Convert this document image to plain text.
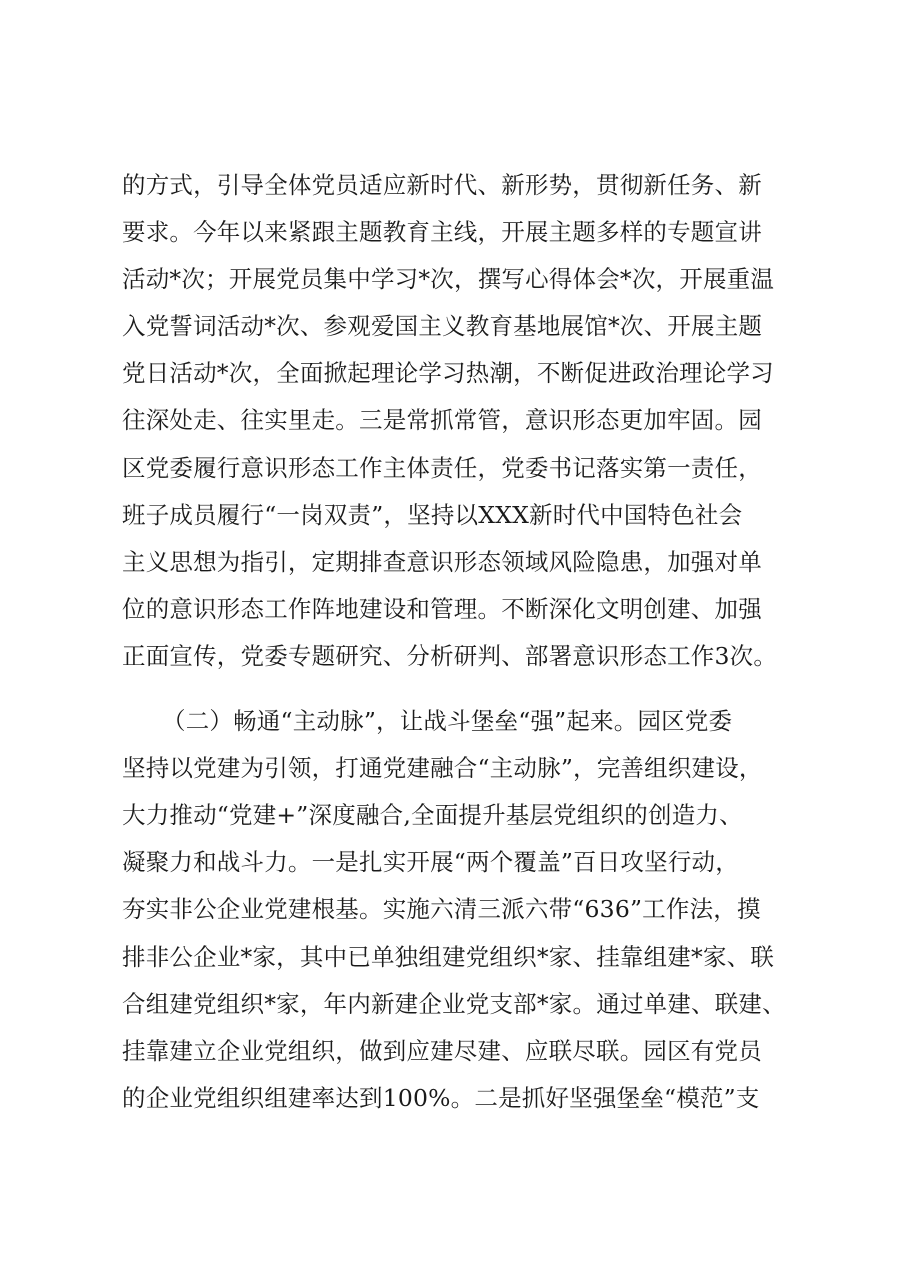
的方式，引导全体党员适应新时代、新形势，贯彻新任务、新
要求。今年以来紧跟主题教育主线，开展主题多样的专题宣讲
活动*次；开展党员集中学习*次，撰写心得体会*次，开展重温
入党誓词活动*次、参观爱国主义教育基地展馆*次、开展主题
党日活动*次，全面掀起理论学习热潮，不断促进政治理论学习
往深处走、往实里走。三是常抓常管，意识形态更加牢固。园
区党委履行意识形态工作主体责任，党委书记落实第一责任，
班子成员履行“一岗双责”，坚持以XXX新时代中国特色社会
主义思想为指引，定期排查意识形态领域风险隐患，加强对单
位的意识形态工作阵地建设和管理。不断深化文明创建、加强
正面宣传，党委专题研究、分析研判、部署意识形态工作3次。
（二）畅通“主动脉”，让战斗堡垒“强”起来。园区党委
坚持以党建为引领，打通党建融合“主动脉”，完善组织建设，
大力推动“党建+”深度融合,全面提升基层党组织的创造力、
凝聚力和战斗力。一是扎实开展“两个覆盖”百日攻坚行动，
夯实非公企业党建根基。实施六清三派六带“636”工作法，摸
排非公企业*家，其中已单独组建党组织*家、挂靠组建*家、联
合组建党组织*家，年内新建企业党支部*家。通过单建、联建、
挂靠建立企业党组织，做到应建尽建、应联尽联。园区有党员
的企业党组织组建率达到100%。二是抓好坚强堡垒“模范”支
